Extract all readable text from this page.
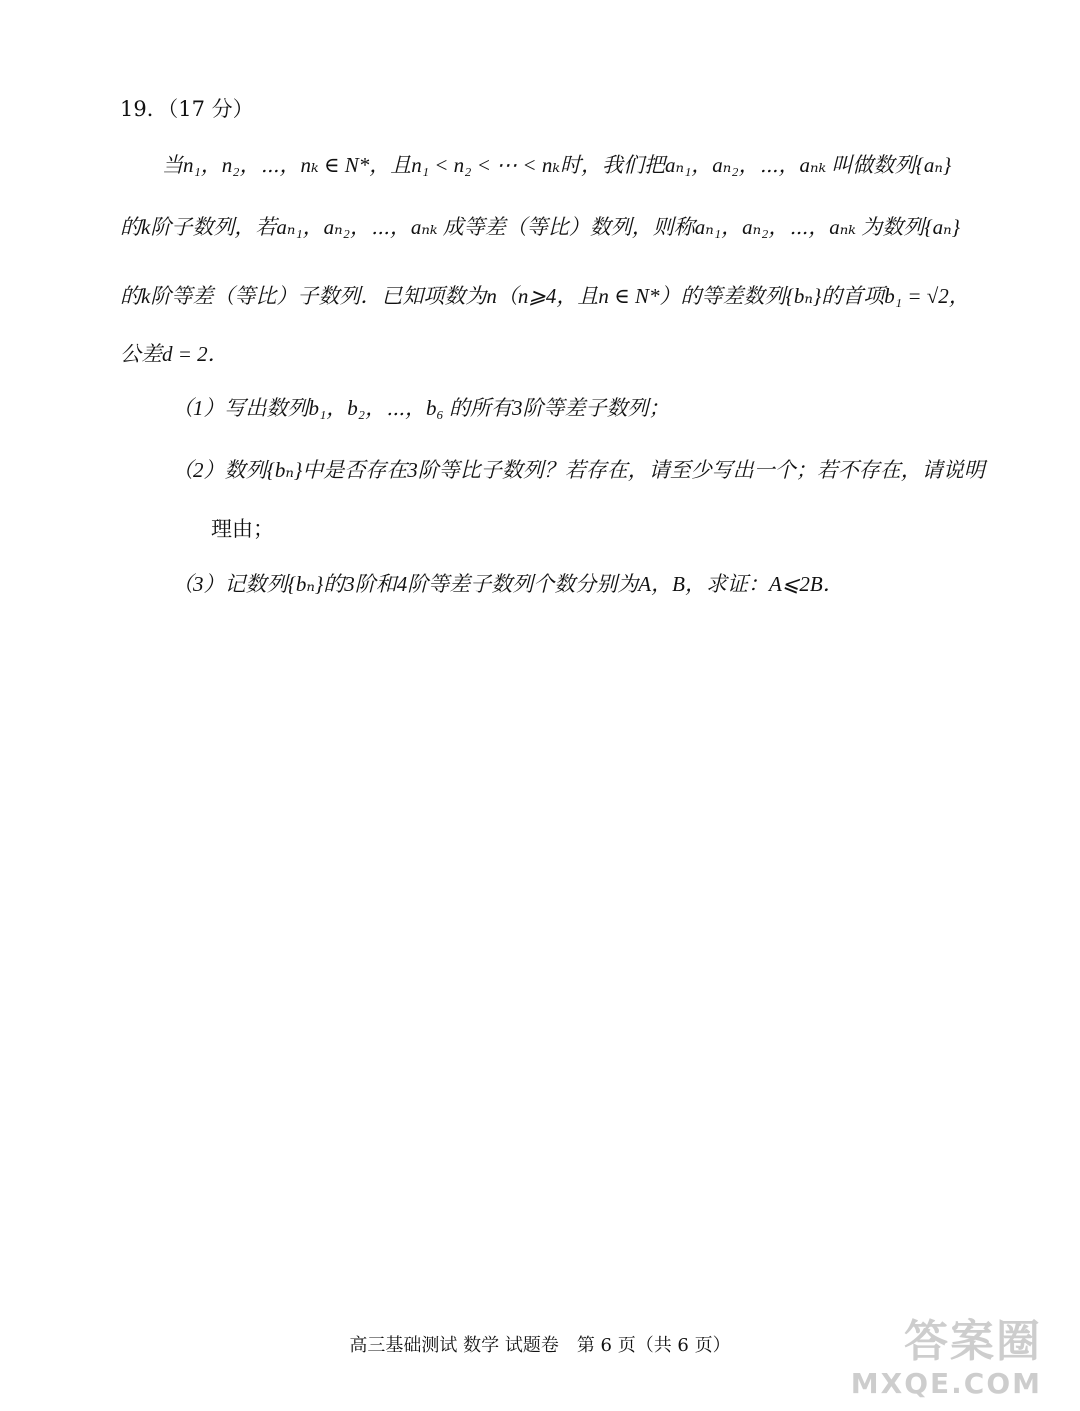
19．（17 分）
当n₁，n₂，⋯，nₖ ∈ N*，且n₁ < n₂ < ⋯ < nₖ时，我们把aₙ₁，aₙ₂，⋯，aₙₖ 叫做数列{aₙ}
的k阶子数列，若aₙ₁，aₙ₂，⋯，aₙₖ 成等差（等比）数列，则称aₙ₁，aₙ₂，⋯，aₙₖ 为数列{aₙ}
的k阶等差（等比）子数列．已知项数为n（n⩾4，且n ∈ N*）的等差数列{bₙ}的首项b₁ = √2，
公差d = 2．
（1）写出数列b₁，b₂，⋯，b₆ 的所有3阶等差子数列；
（2）数列{bₙ}中是否存在3阶等比子数列？若存在，请至少写出一个；若不存在，请说明
理由；
（3）记数列{bₙ}的3阶和4阶等差子数列个数分别为A，B，求证：A⩽2B．
高三基础测试 数学 试题卷　第 6 页（共 6 页）	答案圈
MXQE.COM
